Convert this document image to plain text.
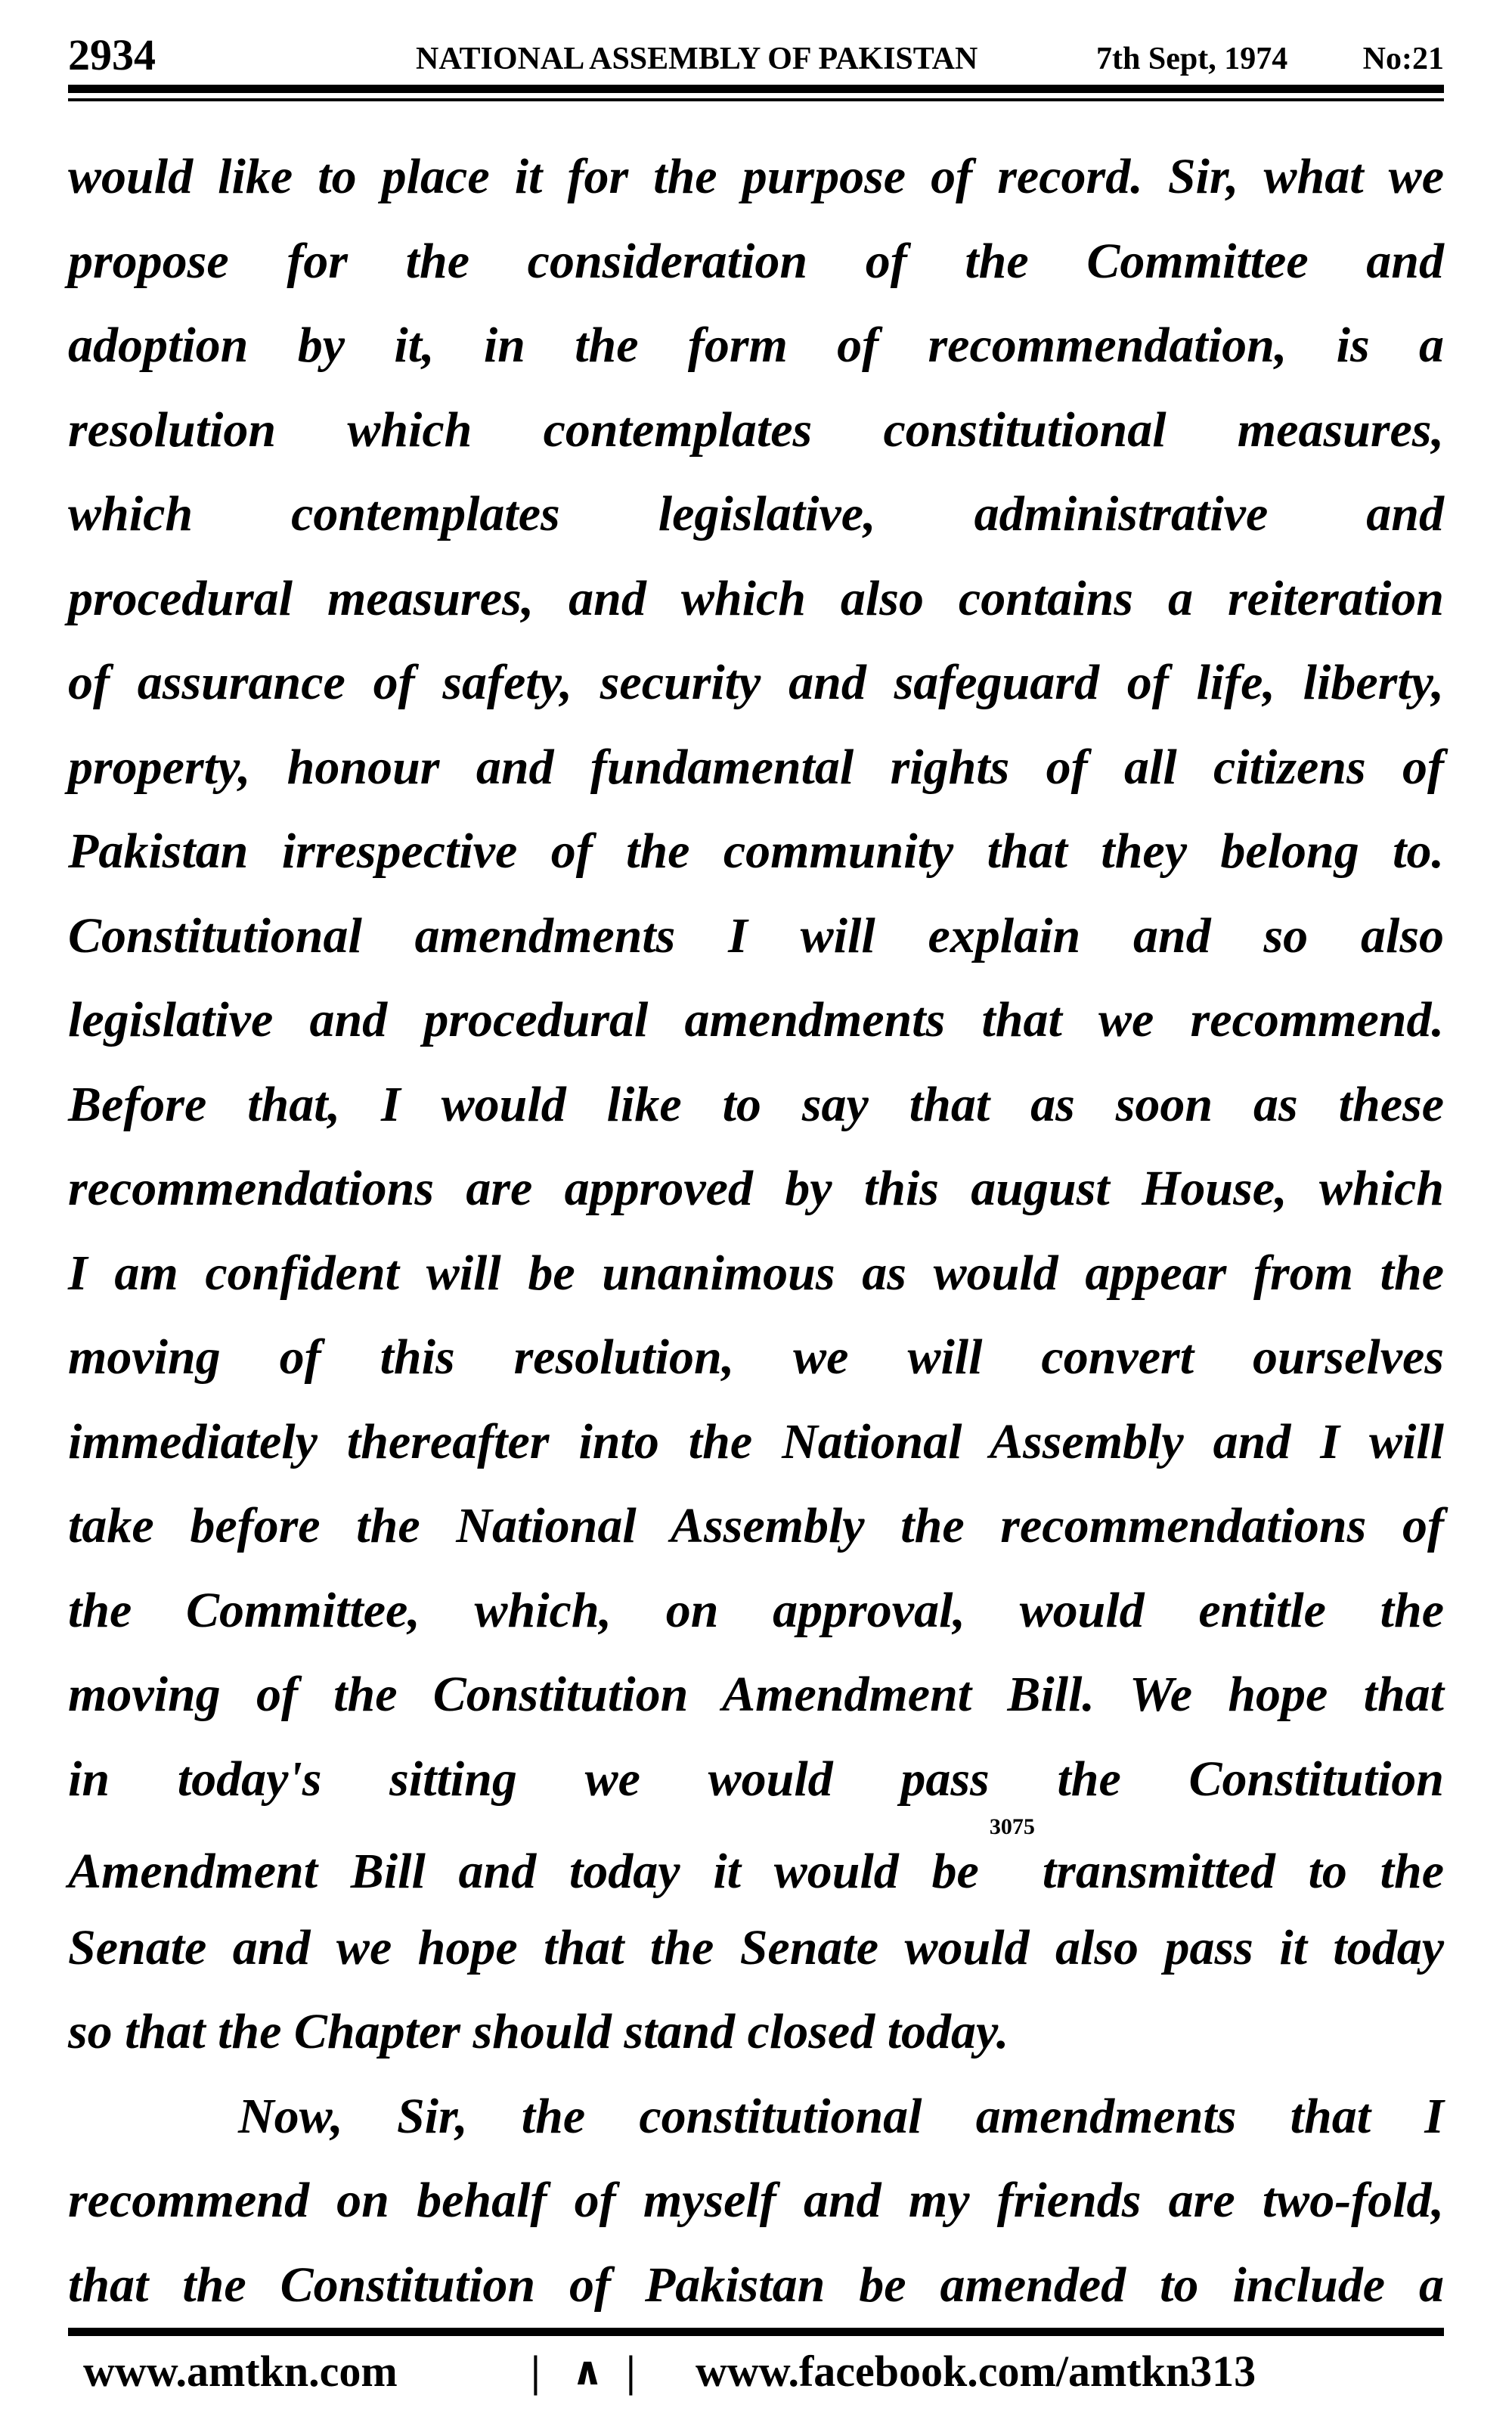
2934	NATIONAL ASSEMBLY OF PAKISTAN	7th Sept, 1974 No:21
would like to place it for the purpose of record. Sir, what we
propose for the consideration of the Committee and
adoption by it, in the form of recommendation, is a
resolution which contemplates constitutional measures,
which contemplates legislative, administrative and
procedural measures, and which also contains a reiteration
of assurance of safety, security and safeguard of life, liberty,
property, honour and fundamental rights of all citizens of
Pakistan irrespective of the community that they belong to.
Constitutional amendments I will explain and so also
legislative and procedural amendments that we recommend.
Before that, I would like to say that as soon as these
recommendations are approved by this august House, which
I am confident will be unanimous as would appear from the
moving of this resolution, we will convert ourselves
immediately thereafter into the National Assembly and I will
take before the National Assembly the recommendations of
the Committee, which, on approval, would entitle the
moving of the Constitution Amendment Bill. We hope that
in today's sitting we would pass the Constitution
Amendment Bill and today it would be$^{3075}$transmitted to the
Senate and we hope that the Senate would also pass it today
so that the Chapter should stand closed today.
Now, Sir, the constitutional amendments that I
recommend on behalf of myself and my friends are two-fold,
that the Constitution of Pakistan be amended to include a
www.amtkn.com	| ∧ | www.facebook.com/amtkn313
